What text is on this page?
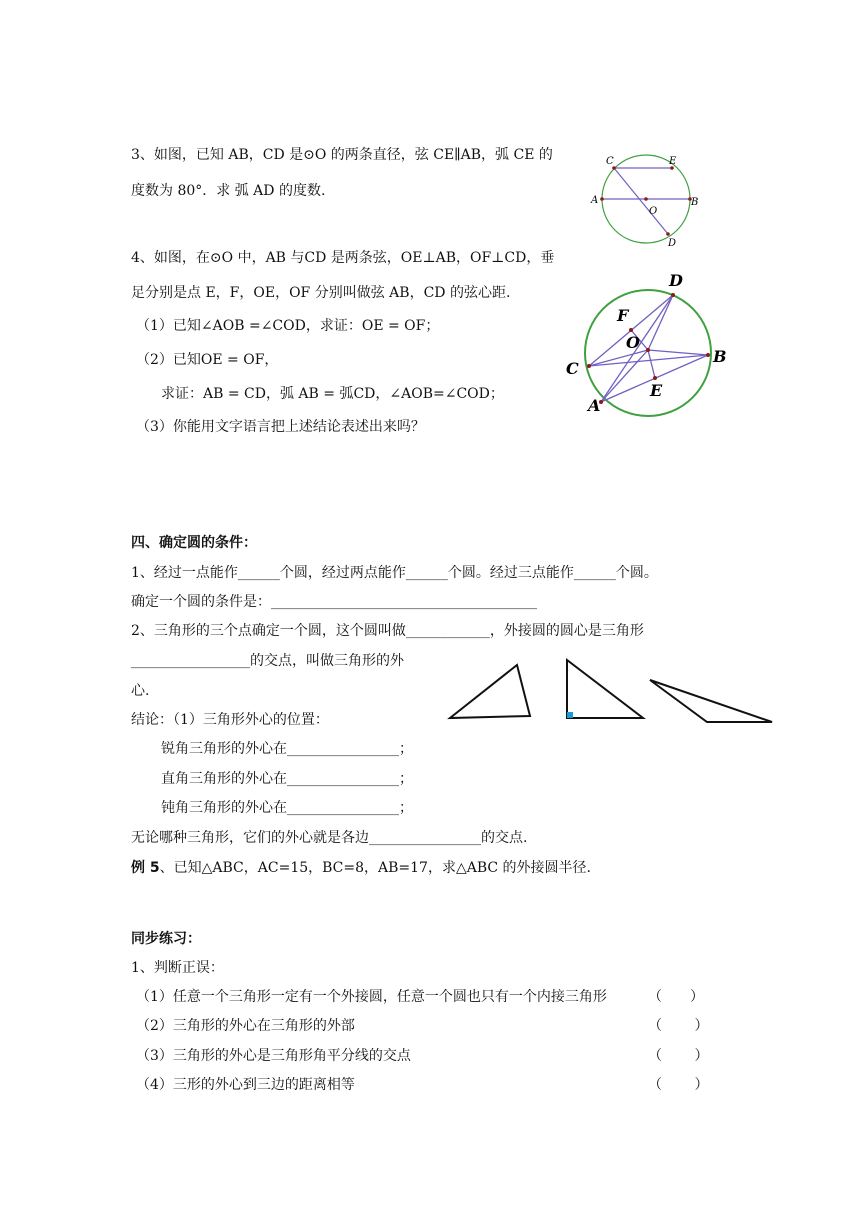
3、如图，已知 AB，CD 是⊙O 的两条直径，弦 CE∥AB，弧 CE 的
度数为 80°．求 弧 AD 的度数.
C	E
A
O
B
D
4、如图，在⊙O 中，AB 与CD 是两条弦，OE⊥AB，OF⊥CD，垂
足分别是点 E，F，OE，OF 分别叫做弦 AB，CD 的弦心距.
（1）已知∠AOB =∠COD，求证：OE = OF；
（2）已知OE = OF，
求证：AB = CD，弧 AB = 弧CD，∠AOB=∠COD；
（3）你能用文字语言把上述结论表述出来吗？
D
F
O
B
C
E
A
四、确定圆的条件：
1、经过一点能作______个圆，经过两点能作______个圆。经过三点能作______个圆。
确定一个圆的条件是：______________________________________
2、三角形的三个点确定一个圆，这个圆叫做____________，外接圆的圆心是三角形
_________________的交点，叫做三角形的外
心.
结论：（1）三角形外心的位置：
锐角三角形的外心在________________；
直角三角形的外心在________________；
钝角三角形的外心在________________；
无论哪种三角形，它们的外心就是各边________________的交点.
例 5、已知△ABC，AC=15，BC=8，AB=17，求△ABC 的外接圆半径.
同步练习：
1、判断正误：
（1）任意一个三角形一定有一个外接圆，任意一个圆也只有一个内接三角形	（　　）
（2）三角形的外心在三角形的外部	（　　 ）
（3）三角形的外心是三角形角平分线的交点	（　　 ）
（4）三形的外心到三边的距离相等	（　　 ）
